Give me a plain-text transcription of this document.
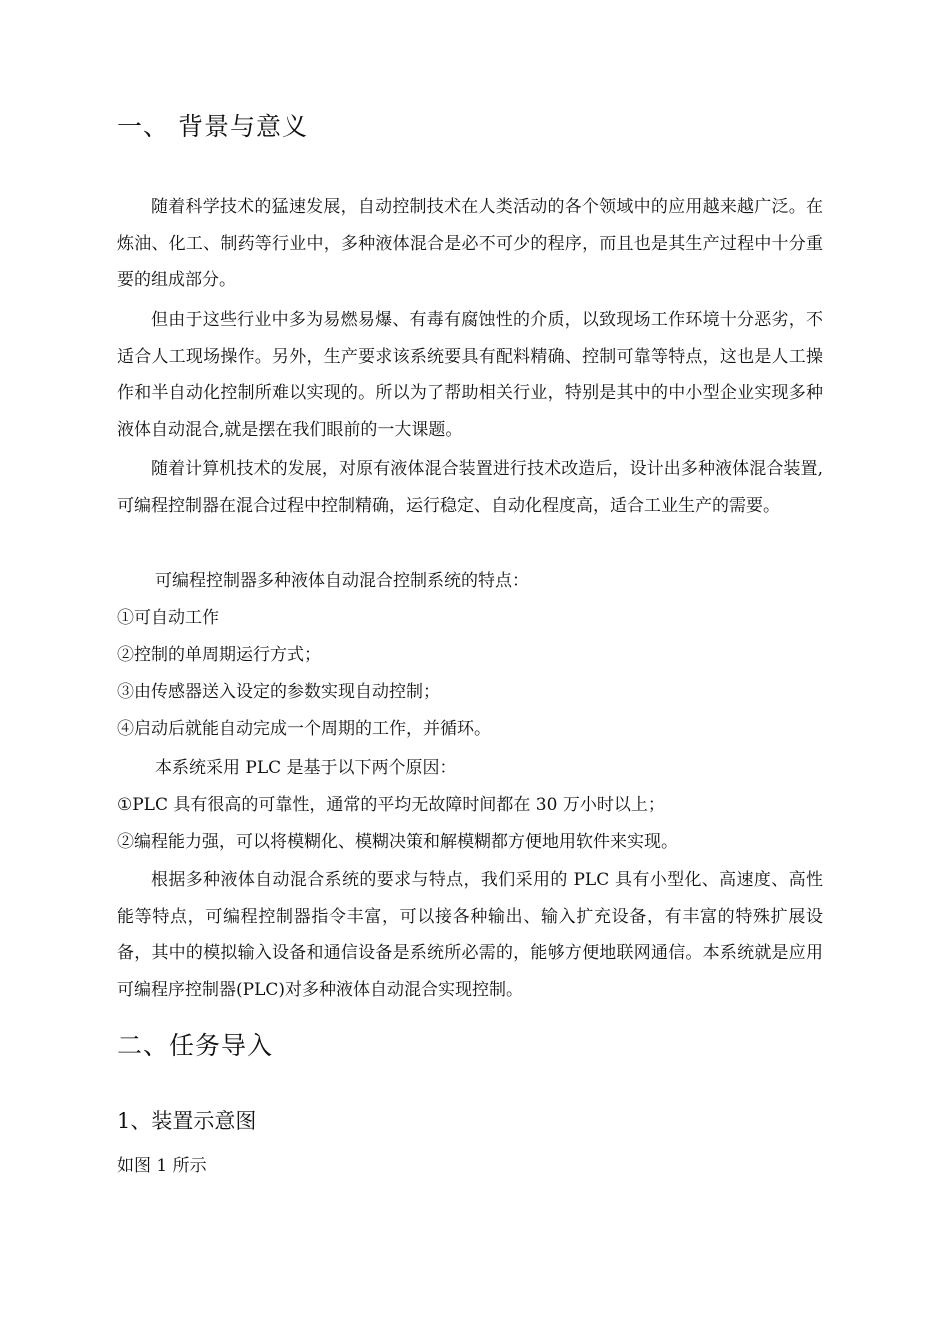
一、 背景与意义
随着科学技术的猛速发展，自动控制技术在人类活动的各个领域中的应用越来越广泛。在炼油、化工、制药等行业中，多种液体混合是必不可少的程序，而且也是其生产过程中十分重要的组成部分。
但由于这些行业中多为易燃易爆、有毒有腐蚀性的介质，以致现场工作环境十分恶劣，不适合人工现场操作。另外，生产要求该系统要具有配料精确、控制可靠等特点，这也是人工操作和半自动化控制所难以实现的。所以为了帮助相关行业，特别是其中的中小型企业实现多种液体自动混合,就是摆在我们眼前的一大课题。
随着计算机技术的发展，对原有液体混合装置进行技术改造后，设计出多种液体混合装置,可编程控制器在混合过程中控制精确，运行稳定、自动化程度高，适合工业生产的需要。
可编程控制器多种液体自动混合控制系统的特点：
①可自动工作
②控制的单周期运行方式；
③由传感器送入设定的参数实现自动控制；
④启动后就能自动完成一个周期的工作，并循环。
本系统采用 PLC 是基于以下两个原因：
①PLC 具有很高的可靠性，通常的平均无故障时间都在 30 万小时以上；
②编程能力强，可以将模糊化、模糊决策和解模糊都方便地用软件来实现。
根据多种液体自动混合系统的要求与特点，我们采用的 PLC 具有小型化、高速度、高性能等特点，可编程控制器指令丰富，可以接各种输出、输入扩充设备，有丰富的特殊扩展设备，其中的模拟输入设备和通信设备是系统所必需的，能够方便地联网通信。本系统就是应用可编程序控制器(PLC)对多种液体自动混合实现控制。
二、任务导入
1、装置示意图
如图 1 所示
